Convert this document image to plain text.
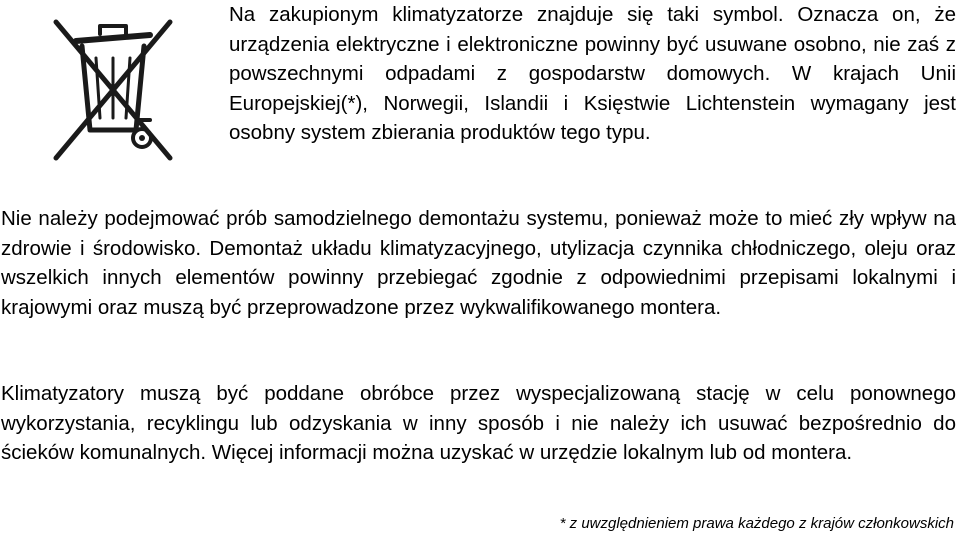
Na zakupionym klimatyzatorze znajduje się taki symbol. Oznacza on, że urządzenia elektryczne i elektroniczne powinny być usuwane osobno, nie zaś z powszechnymi odpadami z gospodarstw domowych. W krajach Unii Europejskiej(*), Norwegii, Islandii i Księstwie Lichtenstein wymagany jest osobny system zbierania produktów tego typu.

Nie należy podejmować prób samodzielnego demontażu systemu, ponieważ może to mieć zły wpływ na zdrowie i środowisko. Demontaż układu klimatyzacyjnego, utylizacja czynnika chłodniczego, oleju oraz wszelkich innych elementów powinny przebiegać zgodnie z odpowiednimi przepisami lokalnymi i krajowymi oraz muszą być przeprowadzone przez wykwalifikowanego montera.

Klimatyzatory muszą być poddane obróbce przez wyspecjalizowaną stację w celu ponownego wykorzystania, recyklingu lub odzyskania w inny sposób i nie należy ich usuwać bezpośrednio do ścieków komunalnych. Więcej informacji można uzyskać w urzędzie lokalnym lub od montera.

* z uwzględnieniem prawa każdego z krajów członkowskich
